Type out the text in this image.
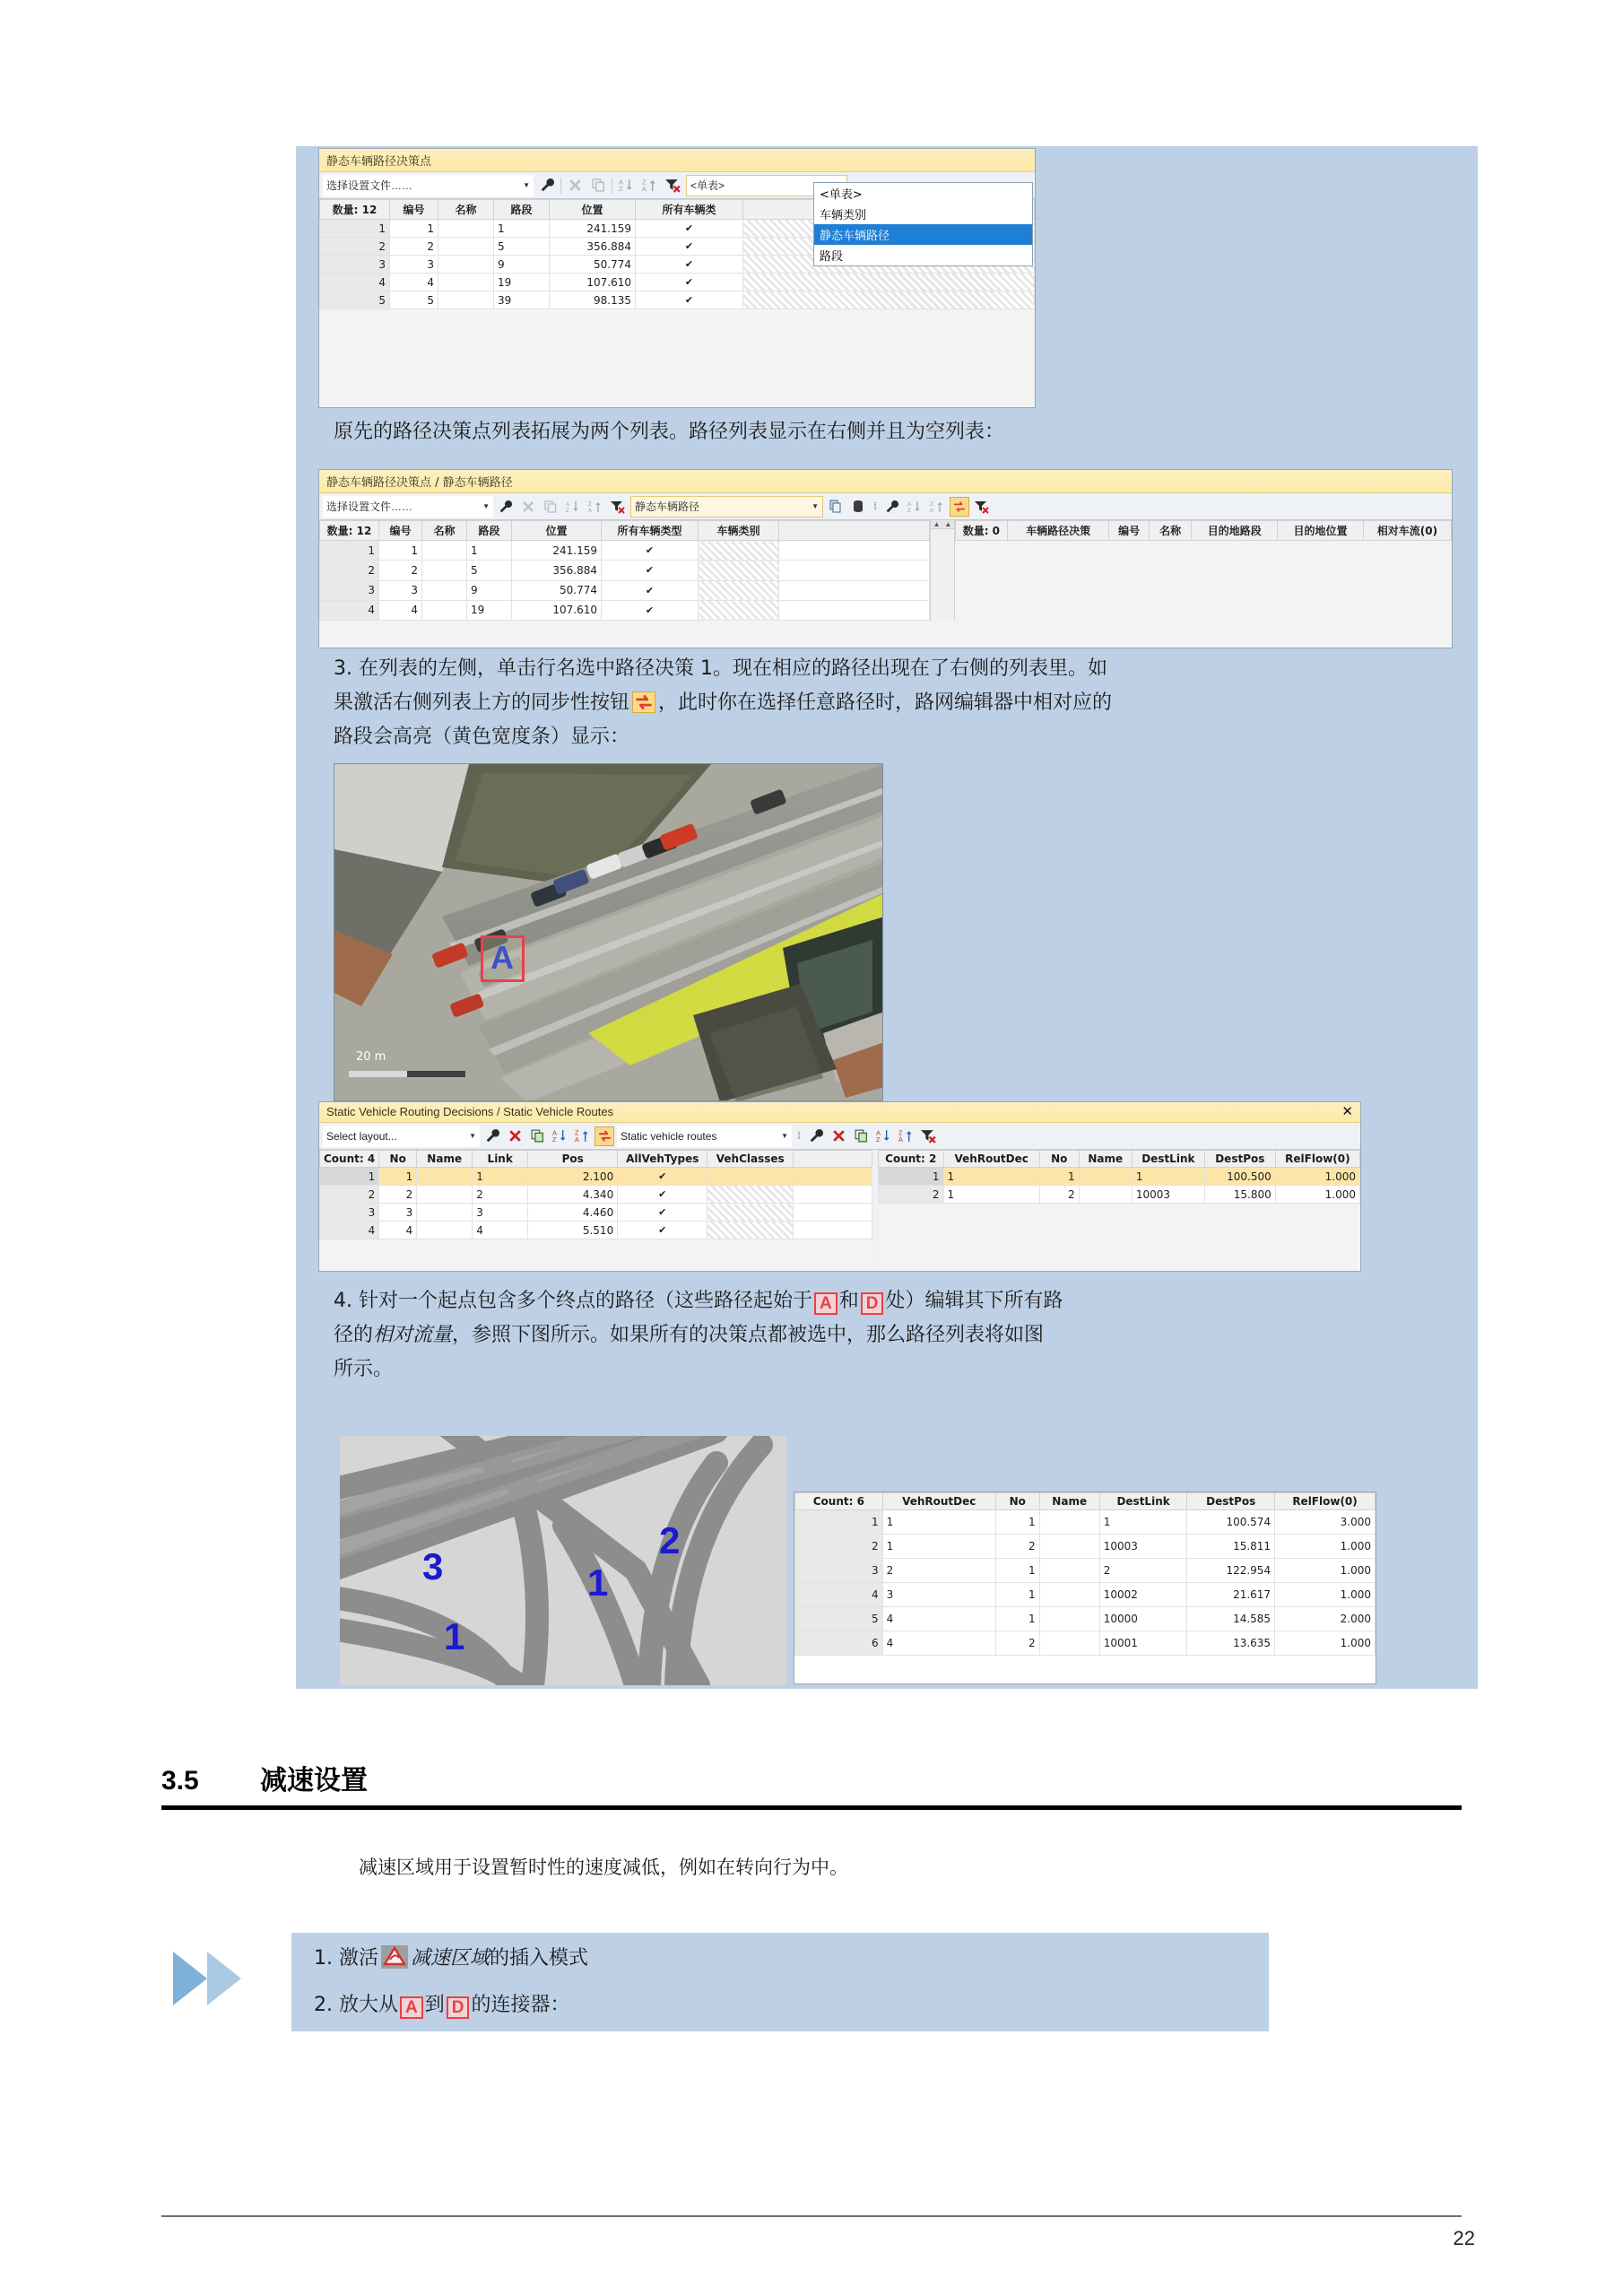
静态车辆路径决策点
选择设置文件……	▼	A
Z
Z
A	<单表>
数量: 12	编号	名称	路段	位置	所有车辆类	
1	1		1	241.159	✔	
2	2		5	356.884	✔	
3	3		9	50.774	✔	
4	4		19	107.610	✔	
5	5		39	98.135	✔	
<单表>
车辆类别
静态车辆路径
路段
原先的路径决策点列表拓展为两个列表。路径列表显示在右侧并且为空列表：
静态车辆路径决策点 / 静态车辆路径
选择设置文件……	▼	A
Z
Z
A	静态车辆路径	▼	⁞	A
Z
Z
A
数量: 12	编号	名称	路段	位置	所有车辆类型	车辆类别	
1	1		1	241.159	✔		
2	2		5	356.884	✔		
3	3		9	50.774	✔		
4	4		19	107.610	✔		
▲ ▲
数量: 0	车辆路径决策	编号	名称	目的地路段	目的地位置	相对车流(0)
3. 在列表的左侧，单击行名选中路径决策 1。现在相应的路径出现在了右侧的列表里。如
果激活右侧列表上方的同步性按钮 ，此时你在选择任意路径时，路网编辑器中相对应的
路段会高亮（黄色宽度条）显示：
20 m
A
Static Vehicle Routing Decisions / Static Vehicle Routes	✕
Select layout...	▼	A
Z
Z
A	Static vehicle routes	▼ ⁞	A
Z
Z
A
Count: 4	No	Name	Link	Pos	AllVehTypes	VehClasses	
1	1		1	2.100	✔		
2	2		2	4.340	✔		
3	3		3	4.460	✔		
4	4		4	5.510	✔		
Count: 2	VehRoutDec	No	Name	DestLink	DestPos	RelFlow(0)
1	1	1		1	100.500	1.000
2	1	2		10003	15.800	1.000
4. 针对一个起点包含多个终点的路径（这些路径起始于 A 和 D 处）编辑其下所有路
径的相对流量，参照下图所示。如果所有的决策点都被选中，那么路径列表将如图
所示。
3
2
1
1
Count: 6	VehRoutDec	No	Name	DestLink	DestPos	RelFlow(0)
1	1	1		1	100.574	3.000
2	1	2		10003	15.811	1.000
3	2	1		2	122.954	1.000
4	3	1		10002	21.617	1.000
5	4	1		10000	14.585	2.000
6	4	2		10001	13.635	1.000
3.5 减速设置
减速区域用于设置暂时性的速度减低，例如在转向行为中。
1. 激活 减速区域的插入模式
2. 放大从 A 到 D 的连接器：
22
